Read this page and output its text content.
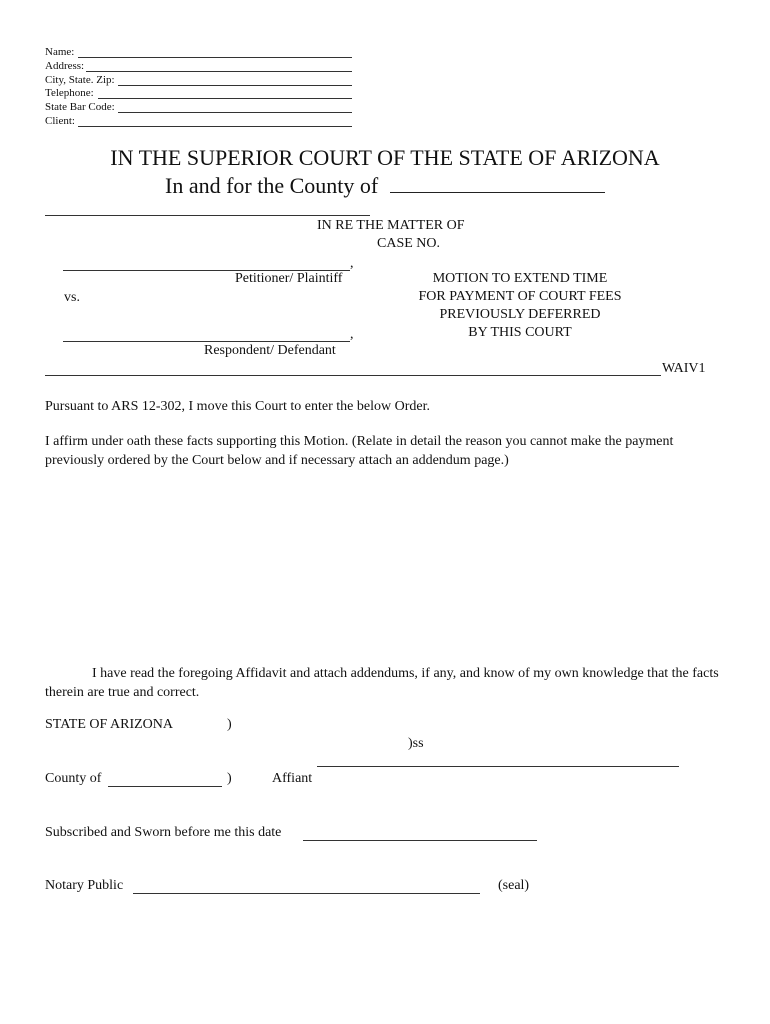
Name:
Address:
City, State. Zip:
Telephone:
State Bar Code:
Client:
IN THE SUPERIOR COURT OF THE STATE OF ARIZONA
In and for the County of
IN RE THE MATTER OF
CASE NO.
,
Petitioner/ Plaintiff
vs.
,
Respondent/ Defendant
MOTION TO EXTEND TIME
FOR PAYMENT OF COURT FEES
PREVIOUSLY DEFERRED
BY THIS COURT
WAIV1
Pursuant to ARS 12-302, I move this Court to enter the below Order.
I affirm under oath these facts supporting this Motion. (Relate in detail the reason you cannot make the payment previously ordered by the Court below and if necessary attach an addendum page.)
I have read the foregoing Affidavit and attach addendums, if any, and know of my own knowledge that the facts therein are true and correct.
STATE OF ARIZONA	)
)ss
County of	)	Affiant
Subscribed and Sworn before me this date
Notary Public	(seal)
